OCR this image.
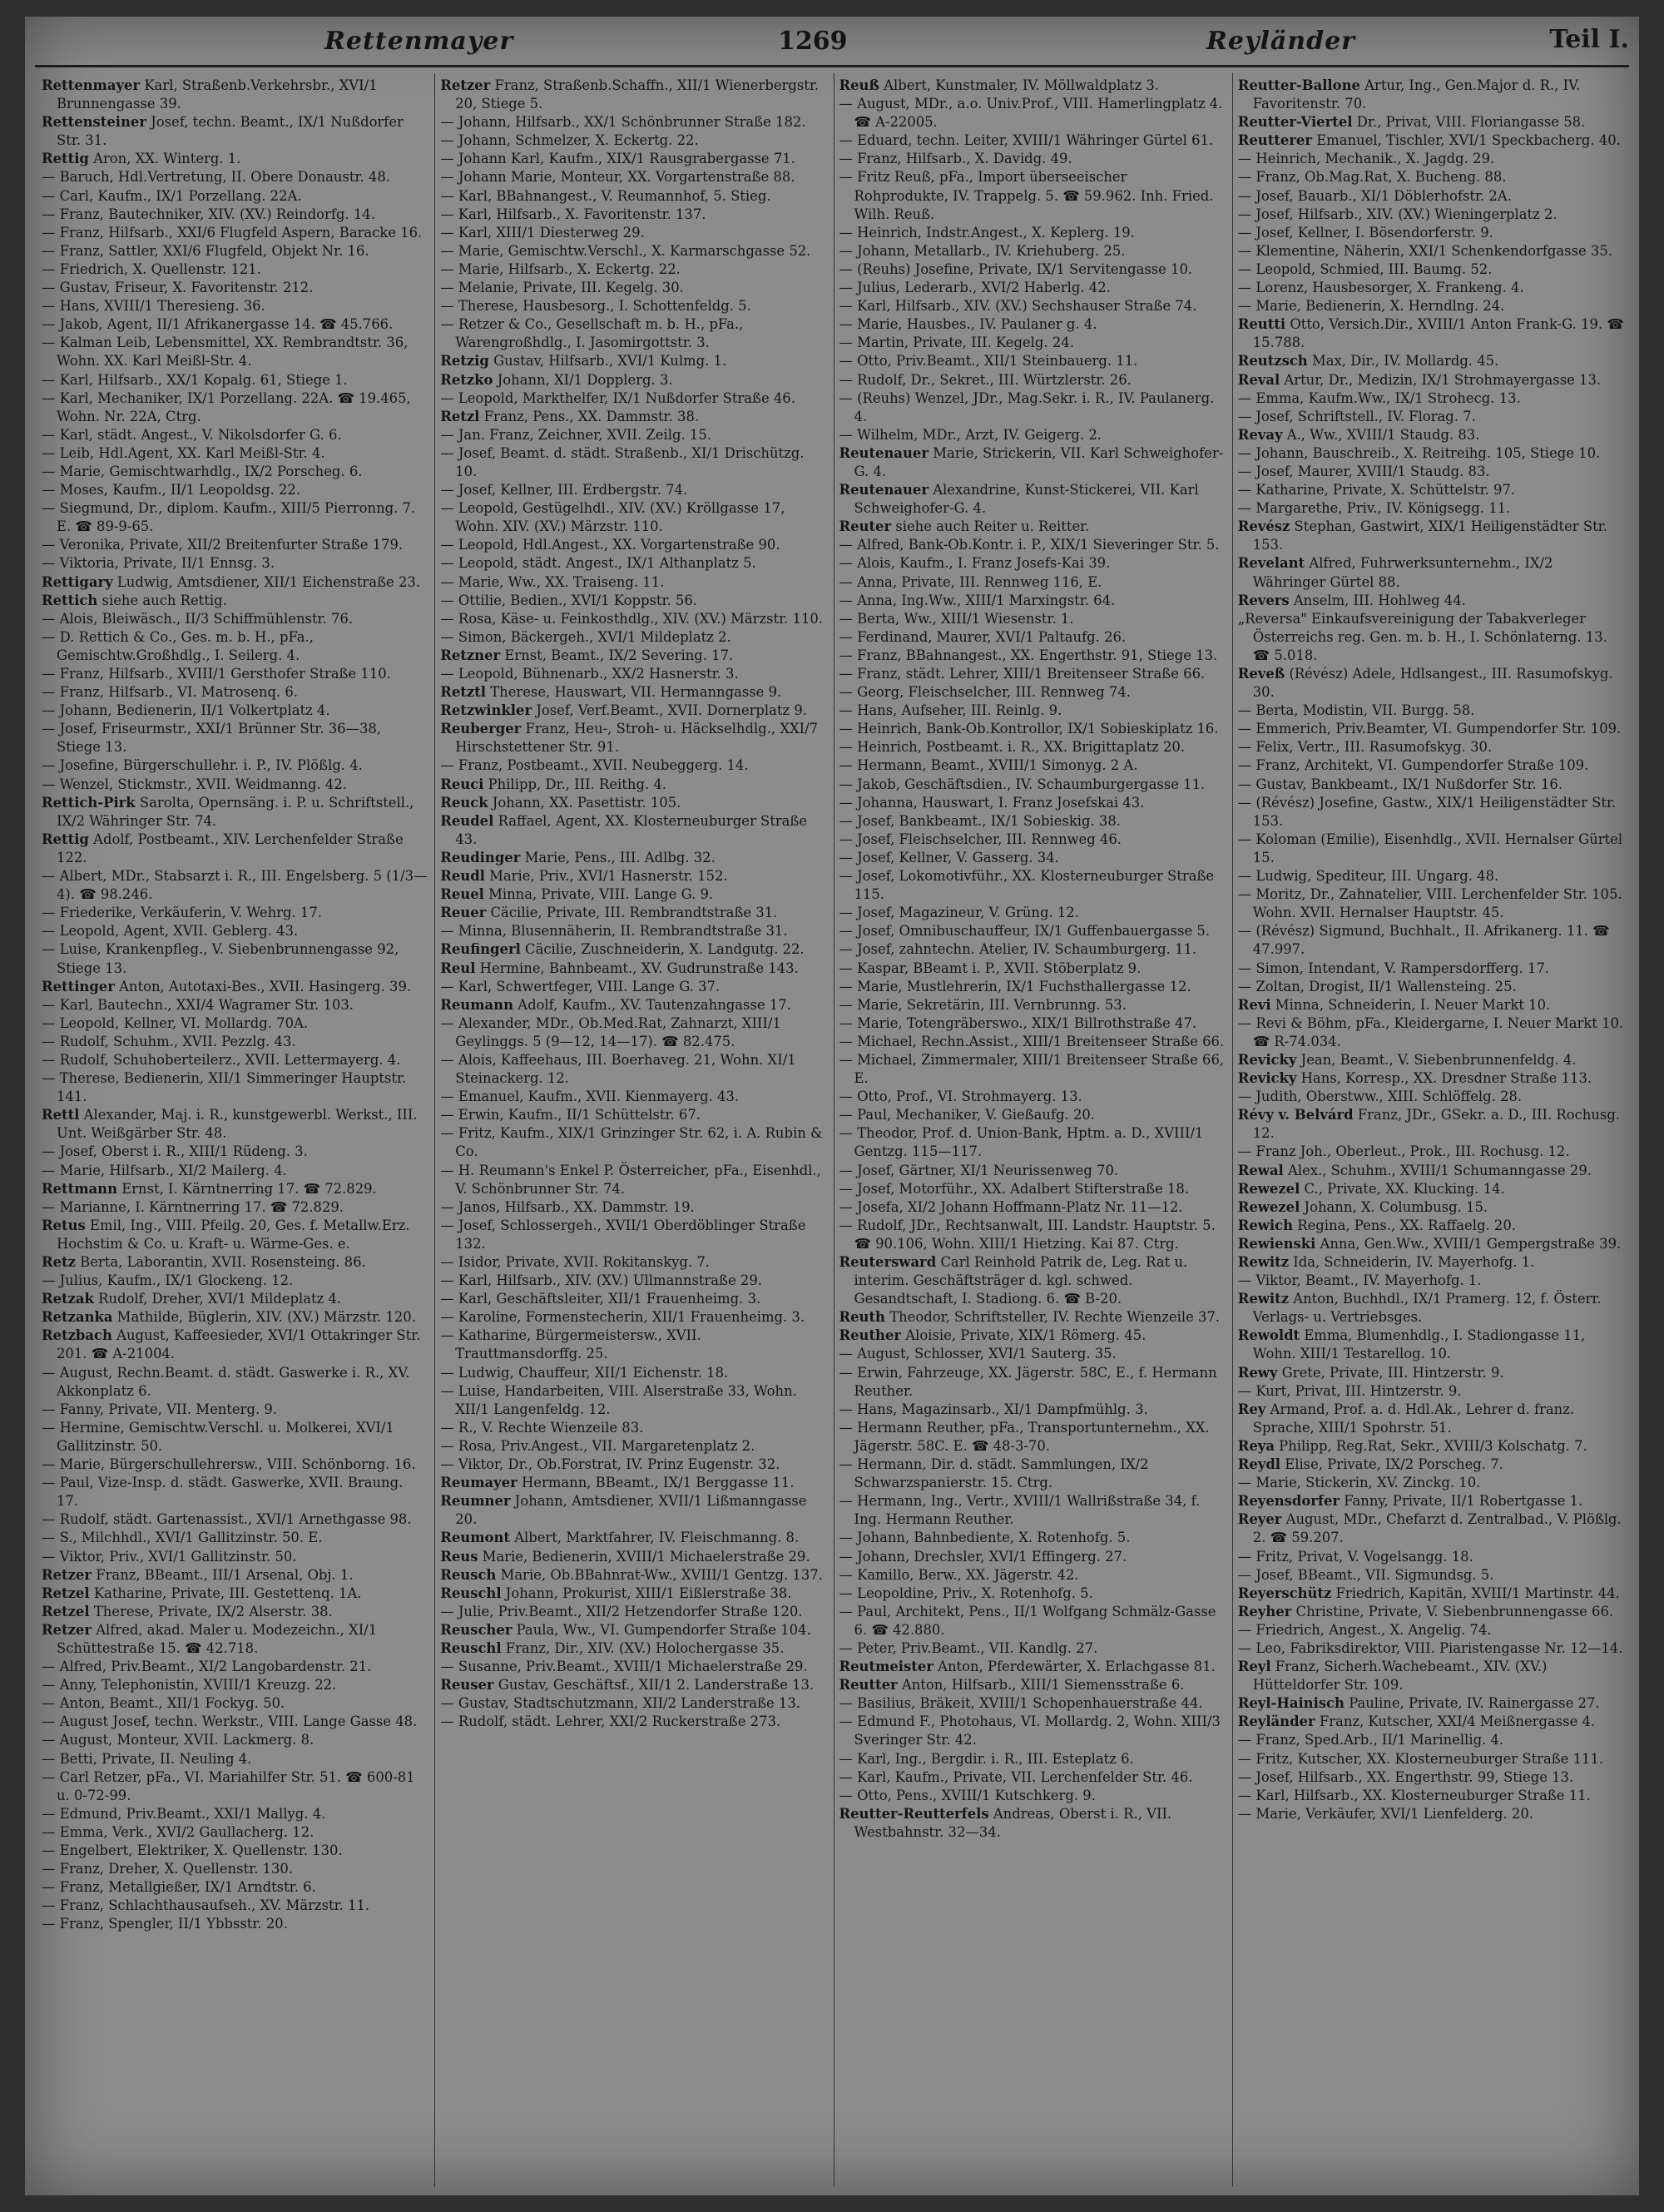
Rettenmayer	1269	Reyländer	Teil I.

Rettenmayer Karl, Straßenb.Verkehrsbr., XVI/1 Brunnengasse 39.

Rettensteiner Josef, techn. Beamt., IX/1 Nußdorfer Str. 31.

Rettig Aron, XX. Winterg. 1.

— Baruch, Hdl.Vertretung, II. Obere Donaustr. 48.

— Carl, Kaufm., IX/1 Porzellang. 22A.

— Franz, Bautechniker, XIV. (XV.) Reindorfg. 14.

— Franz, Hilfsarb., XXI/6 Flugfeld Aspern, Baracke 16.

— Franz, Sattler, XXI/6 Flugfeld, Objekt Nr. 16.

— Friedrich, X. Quellenstr. 121.

— Gustav, Friseur, X. Favoritenstr. 212.

— Hans, XVIII/1 Theresieng. 36.

— Jakob, Agent, II/1 Afrikanergasse 14. ☎ 45.766.

— Kalman Leib, Lebensmittel, XX. Rembrandtstr. 36, Wohn. XX. Karl Meißl-Str. 4.

— Karl, Hilfsarb., XX/1 Kopalg. 61, Stiege 1.

— Karl, Mechaniker, IX/1 Porzellang. 22A. ☎ 19.465, Wohn. Nr. 22A, Ctrg.

— Karl, städt. Angest., V. Nikolsdorfer G. 6.

— Leib, Hdl.Agent, XX. Karl Meißl-Str. 4.

— Marie, Gemischtwarhdlg., IX/2 Porscheg. 6.

— Moses, Kaufm., II/1 Leopoldsg. 22.

— Siegmund, Dr., diplom. Kaufm., XIII/5 Pierronng. 7. E. ☎ 89-9-65.

— Veronika, Private, XII/2 Breitenfurter Straße 179.

— Viktoria, Private, II/1 Ennsg. 3.

Rettigary Ludwig, Amtsdiener, XII/1 Eichenstraße 23.

Rettich siehe auch Rettig.

— Alois, Bleiwäsch., II/3 Schiffmühlenstr. 76.

— D. Rettich & Co., Ges. m. b. H., pFa., Gemischtw.Großhdlg., I. Seilerg. 4.

— Franz, Hilfsarb., XVIII/1 Gersthofer Straße 110.

— Franz, Hilfsarb., VI. Matrosenq. 6.

— Johann, Bedienerin, II/1 Volkertplatz 4.

— Josef, Friseurmstr., XXI/1 Brünner Str. 36—38, Stiege 13.

— Josefine, Bürgerschullehr. i. P., IV. Plößlg. 4.

— Wenzel, Stickmstr., XVII. Weidmanng. 42.

Rettich-Pirk Sarolta, Opernsäng. i. P. u. Schriftstell., IX/2 Währinger Str. 74.

Rettig Adolf, Postbeamt., XIV. Lerchenfelder Straße 122.

— Albert, MDr., Stabsarzt i. R., III. Engelsberg. 5 (1/3—4). ☎ 98.246.

— Friederike, Verkäuferin, V. Wehrg. 17.

— Leopold, Agent, XVII. Geblerg. 43.

— Luise, Krankenpfleg., V. Siebenbrunnengasse 92, Stiege 13.

Rettinger Anton, Autotaxi-Bes., XVII. Hasingerg. 39.

— Karl, Bautechn., XXI/4 Wagramer Str. 103.

— Leopold, Kellner, VI. Mollardg. 70A.

— Rudolf, Schuhm., XVII. Pezzlg. 43.

— Rudolf, Schuhoberteilerz., XVII. Lettermayerg. 4.

— Therese, Bedienerin, XII/1 Simmeringer Hauptstr. 141.

Rettl Alexander, Maj. i. R., kunstgewerbl. Werkst., III. Unt. Weißgärber Str. 48.

— Josef, Oberst i. R., XIII/1 Rüdeng. 3.

— Marie, Hilfsarb., XI/2 Mailerg. 4.

Rettmann Ernst, I. Kärntnerring 17. ☎ 72.829.

— Marianne, I. Kärntnerring 17. ☎ 72.829.

Retus Emil, Ing., VIII. Pfeilg. 20, Ges. f. Metallw.Erz. Hochstim & Co. u. Kraft- u. Wärme-Ges. e.

Retz Berta, Laborantin, XVII. Rosensteing. 86.

— Julius, Kaufm., IX/1 Glockeng. 12.

Retzak Rudolf, Dreher, XVI/1 Mildeplatz 4.

Retzanka Mathilde, Büglerin, XIV. (XV.) Märzstr. 120.

Retzbach August, Kaffeesieder, XVI/1 Ottakringer Str. 201. ☎ A-21004.

— August, Rechn.Beamt. d. städt. Gaswerke i. R., XV. Akkonplatz 6.

— Fanny, Private, VII. Menterg. 9.

— Hermine, Gemischtw.Verschl. u. Molkerei, XVI/1 Gallitzinstr. 50.

— Marie, Bürgerschullehrersw., VIII. Schönborng. 16.

— Paul, Vize-Insp. d. städt. Gaswerke, XVII. Braung. 17.

— Rudolf, städt. Gartenassist., XVI/1 Arnethgasse 98.

— S., Milchhdl., XVI/1 Gallitzinstr. 50. E.

— Viktor, Priv., XVI/1 Gallitzinstr. 50.

Retzer Franz, BBeamt., III/1 Arsenal, Obj. 1.

Retzel Katharine, Private, III. Gestettenq. 1A.

Retzel Therese, Private, IX/2 Alserstr. 38.

Retzer Alfred, akad. Maler u. Modezeichn., XI/1 Schüttestraße 15. ☎ 42.718.

— Alfred, Priv.Beamt., XI/2 Langobardenstr. 21.

— Anny, Telephonistin, XVIII/1 Kreuzg. 22.

— Anton, Beamt., XII/1 Fockyg. 50.

— August Josef, techn. Werkstr., VIII. Lange Gasse 48.

— August, Monteur, XVII. Lackmerg. 8.

— Betti, Private, II. Neuling 4.

— Carl Retzer, pFa., VI. Mariahilfer Str. 51. ☎ 600-81 u. 0-72-99.

— Edmund, Priv.Beamt., XXI/1 Mallyg. 4.

— Emma, Verk., XVI/2 Gaullacherg. 12.

— Engelbert, Elektriker, X. Quellenstr. 130.

— Franz, Dreher, X. Quellenstr. 130.

— Franz, Metallgießer, IX/1 Arndtstr. 6.

— Franz, Schlachthausaufseh., XV. Märzstr. 11.

— Franz, Spengler, II/1 Ybbsstr. 20.

Retzer Franz, Straßenb.Schaffn., XII/1 Wienerbergstr. 20, Stiege 5.

— Johann, Hilfsarb., XX/1 Schönbrunner Straße 182.

— Johann, Schmelzer, X. Eckertg. 22.

— Johann Karl, Kaufm., XIX/1 Rausgrabergasse 71.

— Johann Marie, Monteur, XX. Vorgartenstraße 88.

— Karl, BBahnangest., V. Reumannhof, 5. Stieg.

— Karl, Hilfsarb., X. Favoritenstr. 137.

— Karl, XIII/1 Diesterweg 29.

— Marie, Gemischtw.Verschl., X. Karmarschgasse 52.

— Marie, Hilfsarb., X. Eckertg. 22.

— Melanie, Private, III. Kegelg. 30.

— Therese, Hausbesorg., I. Schottenfeldg. 5.

— Retzer & Co., Gesellschaft m. b. H., pFa., Warengroßhdlg., I. Jasomirgottstr. 3.

Retzig Gustav, Hilfsarb., XVI/1 Kulmg. 1.

Retzko Johann, XI/1 Dopplerg. 3.

— Leopold, Markthelfer, IX/1 Nußdorfer Straße 46.

Retzl Franz, Pens., XX. Dammstr. 38.

— Jan. Franz, Zeichner, XVII. Zeilg. 15.

— Josef, Beamt. d. städt. Straßenb., XI/1 Drischützg. 10.

— Josef, Kellner, III. Erdbergstr. 74.

— Leopold, Gestügelhdl., XIV. (XV.) Kröllgasse 17, Wohn. XIV. (XV.) Märzstr. 110.

— Leopold, Hdl.Angest., XX. Vorgartenstraße 90.

— Leopold, städt. Angest., IX/1 Althanplatz 5.

— Marie, Ww., XX. Traiseng. 11.

— Ottilie, Bedien., XVI/1 Koppstr. 56.

— Rosa, Käse- u. Feinkosthdlg., XIV. (XV.) Märzstr. 110.

— Simon, Bäckergeh., XVI/1 Mildeplatz 2.

Retzner Ernst, Beamt., IX/2 Severing. 17.

— Leopold, Bühnenarb., XX/2 Hasnerstr. 3.

Retztl Therese, Hauswart, VII. Hermanngasse 9.

Retzwinkler Josef, Verf.Beamt., XVII. Dornerplatz 9.

Reuberger Franz, Heu-, Stroh- u. Häckselhdlg., XXI/7 Hirschstettener Str. 91.

— Franz, Postbeamt., XVII. Neubeggerg. 14.

Reuci Philipp, Dr., III. Reithg. 4.

Reuck Johann, XX. Pasettistr. 105.

Reudel Raffael, Agent, XX. Klosterneuburger Straße 43.

Reudinger Marie, Pens., III. Adlbg. 32.

Reudl Marie, Priv., XVI/1 Hasnerstr. 152.

Reuel Minna, Private, VIII. Lange G. 9.

Reuer Cäcilie, Private, III. Rembrandtstraße 31.

— Minna, Blusennäherin, II. Rembrandtstraße 31.

Reufingerl Cäcilie, Zuschneiderin, X. Landgutg. 22.

Reul Hermine, Bahnbeamt., XV. Gudrunstraße 143.

— Karl, Schwertfeger, VIII. Lange G. 37.

Reumann Adolf, Kaufm., XV. Tautenzahngasse 17.

— Alexander, MDr., Ob.Med.Rat, Zahnarzt, XIII/1 Geylinggs. 5 (9—12, 14—17). ☎ 82.475.

— Alois, Kaffeehaus, III. Boerhaveg. 21, Wohn. XI/1 Steinackerg. 12.

— Emanuel, Kaufm., XVII. Kienmayerg. 43.

— Erwin, Kaufm., II/1 Schüttelstr. 67.

— Fritz, Kaufm., XIX/1 Grinzinger Str. 62, i. A. Rubin & Co.

— H. Reumann's Enkel P. Österreicher, pFa., Eisenhdl., V. Schönbrunner Str. 74.

— Janos, Hilfsarb., XX. Dammstr. 19.

— Josef, Schlossergeh., XVII/1 Oberdöblinger Straße 132.

— Isidor, Private, XVII. Rokitanskyg. 7.

— Karl, Hilfsarb., XIV. (XV.) Ullmannstraße 29.

— Karl, Geschäftsleiter, XII/1 Frauenheimg. 3.

— Karoline, Formenstecherin, XII/1 Frauenheimg. 3.

— Katharine, Bürgermeistersw., XVII. Trauttmansdorffg. 25.

— Ludwig, Chauffeur, XII/1 Eichenstr. 18.

— Luise, Handarbeiten, VIII. Alserstraße 33, Wohn. XII/1 Langenfeldg. 12.

— R., V. Rechte Wienzeile 83.

— Rosa, Priv.Angest., VII. Margaretenplatz 2.

— Viktor, Dr., Ob.Forstrat, IV. Prinz Eugenstr. 32.

Reumayer Hermann, BBeamt., IX/1 Berggasse 11.

Reumner Johann, Amtsdiener, XVII/1 Lißmanngasse 20.

Reumont Albert, Marktfahrer, IV. Fleischmanng. 8.

Reus Marie, Bedienerin, XVIII/1 Michaelerstraße 29.

Reusch Marie, Ob.BBahnrat-Ww., XVIII/1 Gentzg. 137.

Reuschl Johann, Prokurist, XIII/1 Eißlerstraße 38.

— Julie, Priv.Beamt., XII/2 Hetzendorfer Straße 120.

Reuscher Paula, Ww., VI. Gumpendorfer Straße 104.

Reuschl Franz, Dir., XIV. (XV.) Holochergasse 35.

— Susanne, Priv.Beamt., XVIII/1 Michaelerstraße 29.

Reuser Gustav, Geschäftsf., XII/1 2. Landerstraße 13.

— Gustav, Stadtschutzmann, XII/2 Landerstraße 13.

— Rudolf, städt. Lehrer, XXI/2 Ruckerstraße 273.

Reuß Albert, Kunstmaler, IV. Möllwaldplatz 3.

— August, MDr., a.o. Univ.Prof., VIII. Hamerlingplatz 4. ☎ A-22005.

— Eduard, techn. Leiter, XVIII/1 Währinger Gürtel 61.

— Franz, Hilfsarb., X. Davidg. 49.

— Fritz Reuß, pFa., Import überseeischer Rohprodukte, IV. Trappelg. 5. ☎ 59.962. Inh. Fried. Wilh. Reuß.

— Heinrich, Indstr.Angest., X. Keplerg. 19.

— Johann, Metallarb., IV. Kriehuberg. 25.

— (Reuhs) Josefine, Private, IX/1 Servitengasse 10.

— Julius, Lederarb., XVI/2 Haberlg. 42.

— Karl, Hilfsarb., XIV. (XV.) Sechshauser Straße 74.

— Marie, Hausbes., IV. Paulaner g. 4.

— Martin, Private, III. Kegelg. 24.

— Otto, Priv.Beamt., XII/1 Steinbauerg. 11.

— Rudolf, Dr., Sekret., III. Würtzlerstr. 26.

— (Reuhs) Wenzel, JDr., Mag.Sekr. i. R., IV. Paulanerg. 4.

— Wilhelm, MDr., Arzt, IV. Geigerg. 2.

Reutenauer Marie, Strickerin, VII. Karl Schweighofer-G. 4.

Reutenauer Alexandrine, Kunst-Stickerei, VII. Karl Schweighofer-G. 4.

Reuter siehe auch Reiter u. Reitter.

— Alfred, Bank-Ob.Kontr. i. P., XIX/1 Sieveringer Str. 5.

— Alois, Kaufm., I. Franz Josefs-Kai 39.

— Anna, Private, III. Rennweg 116, E.

— Anna, Ing.Ww., XIII/1 Marxingstr. 64.

— Berta, Ww., XIII/1 Wiesenstr. 1.

— Ferdinand, Maurer, XVI/1 Paltaufg. 26.

— Franz, BBahnangest., XX. Engerthstr. 91, Stiege 13.

— Franz, städt. Lehrer, XIII/1 Breitenseer Straße 66.

— Georg, Fleischselcher, III. Rennweg 74.

— Hans, Aufseher, III. Reinlg. 9.

— Heinrich, Bank-Ob.Kontrollor, IX/1 Sobieskiplatz 16.

— Heinrich, Postbeamt. i. R., XX. Brigittaplatz 20.

— Hermann, Beamt., XVIII/1 Simonyg. 2 A.

— Jakob, Geschäftsdien., IV. Schaumburgergasse 11.

— Johanna, Hauswart, I. Franz Josefskai 43.

— Josef, Bankbeamt., IX/1 Sobieskig. 38.

— Josef, Fleischselcher, III. Rennweg 46.

— Josef, Kellner, V. Gasserg. 34.

— Josef, Lokomotivführ., XX. Klosterneuburger Straße 115.

— Josef, Magazineur, V. Grüng. 12.

— Josef, Omnibuschauffeur, IX/1 Guffenbauergasse 5.

— Josef, zahntechn. Atelier, IV. Schaumburgerg. 11.

— Kaspar, BBeamt i. P., XVII. Stöberplatz 9.

— Marie, Mustlehrerin, IX/1 Fuchsthallergasse 12.

— Marie, Sekretärin, III. Vernbrunng. 53.

— Marie, Totengräberswo., XIX/1 Billrothstraße 47.

— Michael, Rechn.Assist., XIII/1 Breitenseer Straße 66.

— Michael, Zimmermaler, XIII/1 Breitenseer Straße 66, E.

— Otto, Prof., VI. Strohmayerg. 13.

— Paul, Mechaniker, V. Gießaufg. 20.

— Theodor, Prof. d. Union-Bank, Hptm. a. D., XVIII/1 Gentzg. 115—117.

— Josef, Gärtner, XI/1 Neurissenweg 70.

— Josef, Motorführ., XX. Adalbert Stifterstraße 18.

— Josefa, XI/2 Johann Hoffmann-Platz Nr. 11—12.

— Rudolf, JDr., Rechtsanwalt, III. Landstr. Hauptstr. 5. ☎ 90.106, Wohn. XIII/1 Hietzing. Kai 87. Ctrg.

Reutersward Carl Reinhold Patrik de, Leg. Rat u. interim. Geschäftsträger d. kgl. schwed. Gesandtschaft, I. Stadiong. 6. ☎ B-20.

Reuth Theodor, Schriftsteller, IV. Rechte Wienzeile 37.

Reuther Aloisie, Private, XIX/1 Römerg. 45.

— August, Schlosser, XVI/1 Sauterg. 35.

— Erwin, Fahrzeuge, XX. Jägerstr. 58C, E., f. Hermann Reuther.

— Hans, Magazinsarb., XI/1 Dampfmühlg. 3.

— Hermann Reuther, pFa., Transportunternehm., XX. Jägerstr. 58C. E. ☎ 48-3-70.

— Hermann, Dir. d. städt. Sammlungen, IX/2 Schwarzspanierstr. 15. Ctrg.

— Hermann, Ing., Vertr., XVIII/1 Wallrißstraße 34, f. Ing. Hermann Reuther.

— Johann, Bahnbediente, X. Rotenhofg. 5.

— Johann, Drechsler, XVI/1 Effingerg. 27.

— Kamillo, Berw., XX. Jägerstr. 42.

— Leopoldine, Priv., X. Rotenhofg. 5.

— Paul, Architekt, Pens., II/1 Wolfgang Schmälz-Gasse 6. ☎ 42.880.

— Peter, Priv.Beamt., VII. Kandlg. 27.

Reutmeister Anton, Pferdewärter, X. Erlachgasse 81.

Reutter Anton, Hilfsarb., XIII/1 Siemensstraße 6.

— Basilius, Bräkeit, XVIII/1 Schopenhauerstraße 44.

— Edmund F., Photohaus, VI. Mollardg. 2, Wohn. XIII/3 Sveringer Str. 42.

— Karl, Ing., Bergdir. i. R., III. Esteplatz 6.

— Karl, Kaufm., Private, VII. Lerchenfelder Str. 46.

— Otto, Pens., XVIII/1 Kutschkerg. 9.

Reutter-Reutterfels Andreas, Oberst i. R., VII. Westbahnstr. 32—34.

Reutter-Ballone Artur, Ing., Gen.Major d. R., IV. Favoritenstr. 70.

Reutter-Viertel Dr., Privat, VIII. Floriangasse 58.

Reutterer Emanuel, Tischler, XVI/1 Speckbacherg. 40.

— Heinrich, Mechanik., X. Jagdg. 29.

— Franz, Ob.Mag.Rat, X. Bucheng. 88.

— Josef, Bauarb., XI/1 Döblerhofstr. 2A.

— Josef, Hilfsarb., XIV. (XV.) Wieningerplatz 2.

— Josef, Kellner, I. Bösendorferstr. 9.

— Klementine, Näherin, XXI/1 Schenkendorfgasse 35.

— Leopold, Schmied, III. Baumg. 52.

— Lorenz, Hausbesorger, X. Frankeng. 4.

— Marie, Bedienerin, X. Herndlng. 24.

Reutti Otto, Versich.Dir., XVIII/1 Anton Frank-G. 19. ☎ 15.788.

Reutzsch Max, Dir., IV. Mollardg. 45.

Reval Artur, Dr., Medizin, IX/1 Strohmayergasse 13.

— Emma, Kaufm.Ww., IX/1 Strohecg. 13.

— Josef, Schriftstell., IV. Florag. 7.

Revay A., Ww., XVIII/1 Staudg. 83.

— Johann, Bauschreib., X. Reitreihg. 105, Stiege 10.

— Josef, Maurer, XVIII/1 Staudg. 83.

— Katharine, Private, X. Schüttelstr. 97.

— Margarethe, Priv., IV. Königsegg. 11.

Revész Stephan, Gastwirt, XIX/1 Heiligenstädter Str. 153.

Revelant Alfred, Fuhrwerksunternehm., IX/2 Währinger Gürtel 88.

Revers Anselm, III. Hohlweg 44.

„Reversa" Einkaufsvereinigung der Tabakverleger Österreichs reg. Gen. m. b. H., I. Schönlaterng. 13. ☎ 5.018.

Reveß (Révész) Adele, Hdlsangest., III. Rasumofskyg. 30.

— Berta, Modistin, VII. Burgg. 58.

— Emmerich, Priv.Beamter, VI. Gumpendorfer Str. 109.

— Felix, Vertr., III. Rasumofskyg. 30.

— Franz, Architekt, VI. Gumpendorfer Straße 109.

— Gustav, Bankbeamt., IX/1 Nußdorfer Str. 16.

— (Révész) Josefine, Gastw., XIX/1 Heiligenstädter Str. 153.

— Koloman (Emilie), Eisenhdlg., XVII. Hernalser Gürtel 15.

— Ludwig, Spediteur, III. Ungarg. 48.

— Moritz, Dr., Zahnatelier, VIII. Lerchenfelder Str. 105. Wohn. XVII. Hernalser Hauptstr. 45.

— (Révész) Sigmund, Buchhalt., II. Afrikanerg. 11. ☎ 47.997.

— Simon, Intendant, V. Rampersdorfferg. 17.

— Zoltan, Drogist, II/1 Wallensteing. 25.

Revi Minna, Schneiderin, I. Neuer Markt 10.

— Revi & Böhm, pFa., Kleidergarne, I. Neuer Markt 10. ☎ R-74.034.

Revicky Jean, Beamt., V. Siebenbrunnenfeldg. 4.

Revicky Hans, Korresp., XX. Dresdner Straße 113.

— Judith, Oberstww., XIII. Schlöffelg. 28.

Révy v. Belvárd Franz, JDr., GSekr. a. D., III. Rochusg. 12.

— Franz Joh., Oberleut., Prok., III. Rochusg. 12.

Rewal Alex., Schuhm., XVIII/1 Schumanngasse 29.

Rewezel C., Private, XX. Klucking. 14.

Rewezel Johann, X. Columbusg. 15.

Rewich Regina, Pens., XX. Raffaelg. 20.

Rewienski Anna, Gen.Ww., XVIII/1 Gempergstraße 39.

Rewitz Ida, Schneiderin, IV. Mayerhofg. 1.

— Viktor, Beamt., IV. Mayerhofg. 1.

Rewitz Anton, Buchhdl., IX/1 Pramerg. 12, f. Österr. Verlags- u. Vertriebsges.

Rewoldt Emma, Blumenhdlg., I. Stadiongasse 11, Wohn. XIII/1 Testarellog. 10.

Rewy Grete, Private, III. Hintzerstr. 9.

— Kurt, Privat, III. Hintzerstr. 9.

Rey Armand, Prof. a. d. Hdl.Ak., Lehrer d. franz. Sprache, XIII/1 Spohrstr. 51.

Reya Philipp, Reg.Rat, Sekr., XVIII/3 Kolschatg. 7.

Reydl Elise, Private, IX/2 Porscheg. 7.

— Marie, Stickerin, XV. Zinckg. 10.

Reyensdorfer Fanny, Private, II/1 Robertgasse 1.

Reyer August, MDr., Chefarzt d. Zentralbad., V. Plößlg. 2. ☎ 59.207.

— Fritz, Privat, V. Vogelsangg. 18.

— Josef, BBeamt., VII. Sigmundsg. 5.

Reyerschütz Friedrich, Kapitän, XVIII/1 Martinstr. 44.

Reyher Christine, Private, V. Siebenbrunnengasse 66.

— Friedrich, Angest., X. Angelig. 74.

— Leo, Fabriksdirektor, VIII. Piaristengasse Nr. 12—14.

Reyl Franz, Sicherh.Wachebeamt., XIV. (XV.) Hütteldorfer Str. 109.

Reyl-Hainisch Pauline, Private, IV. Rainergasse 27.

Reyländer Franz, Kutscher, XXI/4 Meißnergasse 4.

— Franz, Sped.Arb., II/1 Marinellig. 4.

— Fritz, Kutscher, XX. Klosterneuburger Straße 111.

— Josef, Hilfsarb., XX. Engerthstr. 99, Stiege 13.

— Karl, Hilfsarb., XX. Klosterneuburger Straße 11.

— Marie, Verkäufer, XVI/1 Lienfelderg. 20.
